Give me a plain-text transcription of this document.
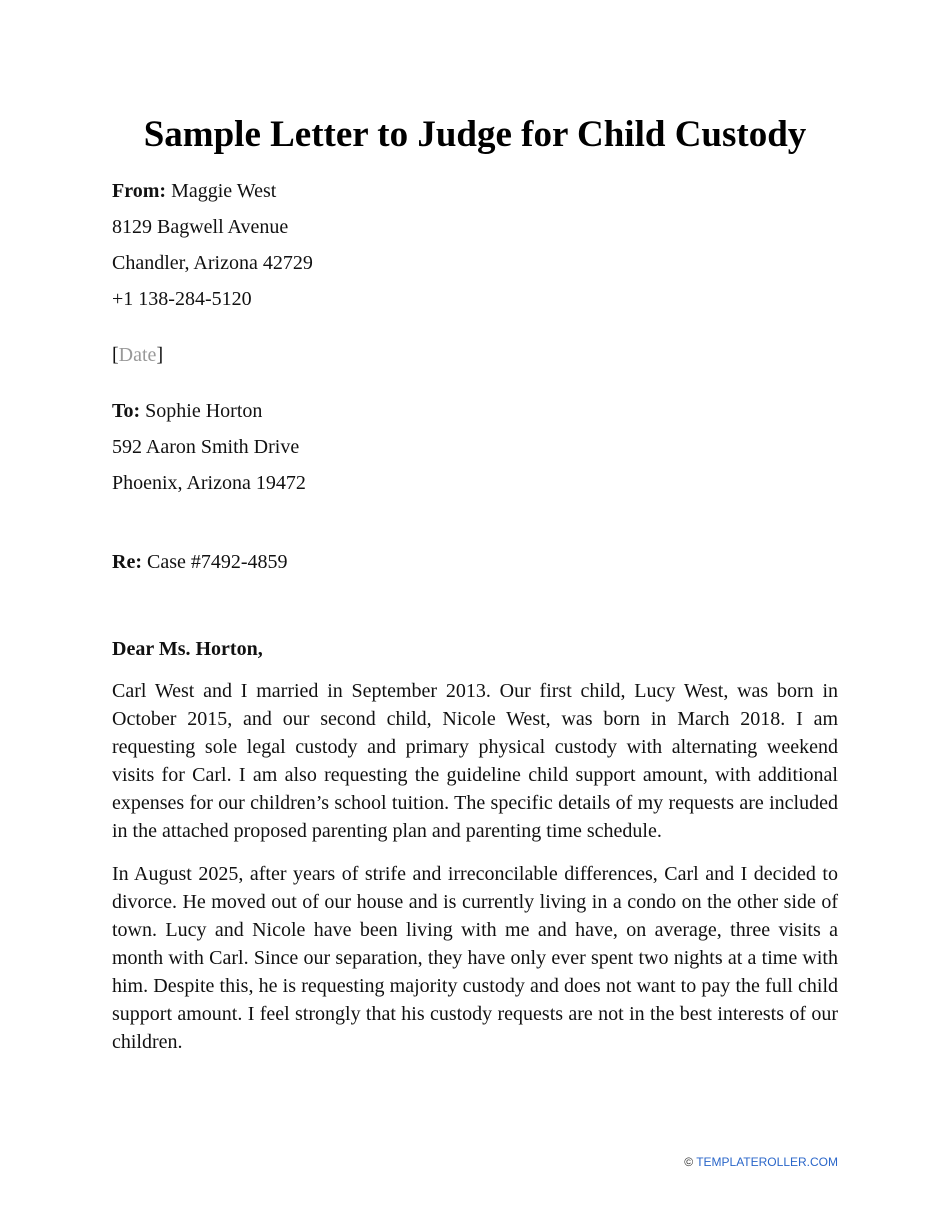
Sample Letter to Judge for Child Custody
From: Maggie West
8129 Bagwell Avenue
Chandler, Arizona 42729
+1 138-284-5120
[Date]
To: Sophie Horton
592 Aaron Smith Drive
Phoenix, Arizona 19472
Re: Case #7492-4859
Dear Ms. Horton,

Carl West and I married in September 2013. Our first child, Lucy West, was born in October 2015, and our second child, Nicole West, was born in March 2018. I am requesting sole legal custody and primary physical custody with alternating weekend visits for Carl. I am also requesting the guideline child support amount, with additional expenses for our children’s school tuition. The specific details of my requests are included in the attached proposed parenting plan and parenting time schedule.

In August 2025, after years of strife and irreconcilable differences, Carl and I decided to divorce. He moved out of our house and is currently living in a condo on the other side of town. Lucy and Nicole have been living with me and have, on average, three visits a month with Carl. Since our separation, they have only ever spent two nights at a time with him. Despite this, he is requesting majority custody and does not want to pay the full child support amount. I feel strongly that his custody requests are not in the best interests of our children.

© TEMPLATEROLLER.COM
